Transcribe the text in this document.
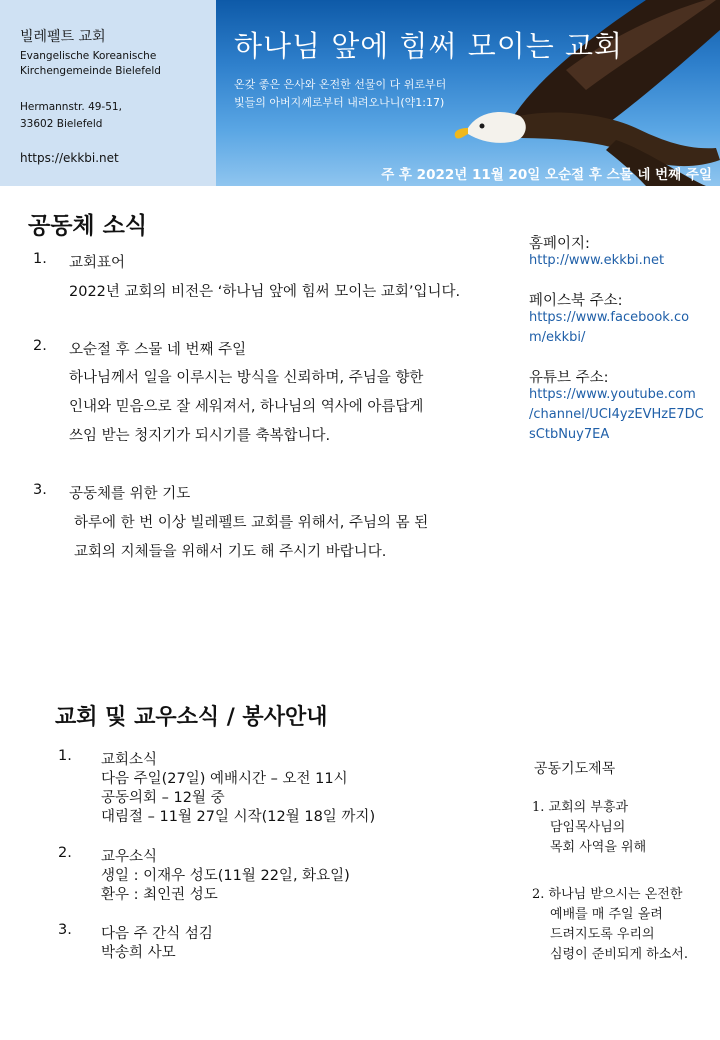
빌레펠트 교회
Evangelische Koreanische
Kirchengemeinde Bielefeld
Hermannstr. 49-51,
33602 Bielefeld
https://ekkbi.net
하나님 앞에 힘써 모이는 교회
온갖 좋은 은사와 온전한 선물이 다 위로부터
빛들의 아버지께로부터 내려오나니(약1:17)
주 후 2022년 11월 20일 오순절 후 스물 네 번째 주일
공동체 소식
1. 교회표어
2022년 교회의 비전은 ‘하나님 앞에 힘써 모이는 교회’입니다.
2. 오순절 후 스물 네 번째 주일
하나님께서 일을 이루시는 방식을 신뢰하며, 주님을 향한
인내와 믿음으로 잘 세워져서, 하나님의 역사에 아름답게
쓰임 받는 청지기가 되시기를 축복합니다.
3. 공동체를 위한 기도
하루에 한 번 이상 빌레펠트 교회를 위해서, 주님의 몸 된
교회의 지체들을 위해서 기도 해 주시기 바랍니다.
홈페이지:
http://www.ekkbi.net
페이스북 주소:
https://www.facebook.co
m/ekkbi/
유튜브 주소:
https://www.youtube.com
/channel/UCI4yzEVHzE7DC
sCtbNuy7EA
교회 및 교우소식 / 봉사안내
1. 교회소식
다음 주일(27일) 예배시간 – 오전 11시
공동의회 – 12월 중
대림절 – 11월 27일 시작(12월 18일 까지)
2. 교우소식
생일 : 이재우 성도(11월 22일, 화요일)
환우 : 최인권 성도
3. 다음 주 간식 섬김
박송희 사모
공동기도제목
1. 교회의 부흥과
담임목사님의
목회 사역을 위해
2. 하나님 받으시는 온전한
예배를 매 주일 올려
드려지도록 우리의
심령이 준비되게 하소서.
